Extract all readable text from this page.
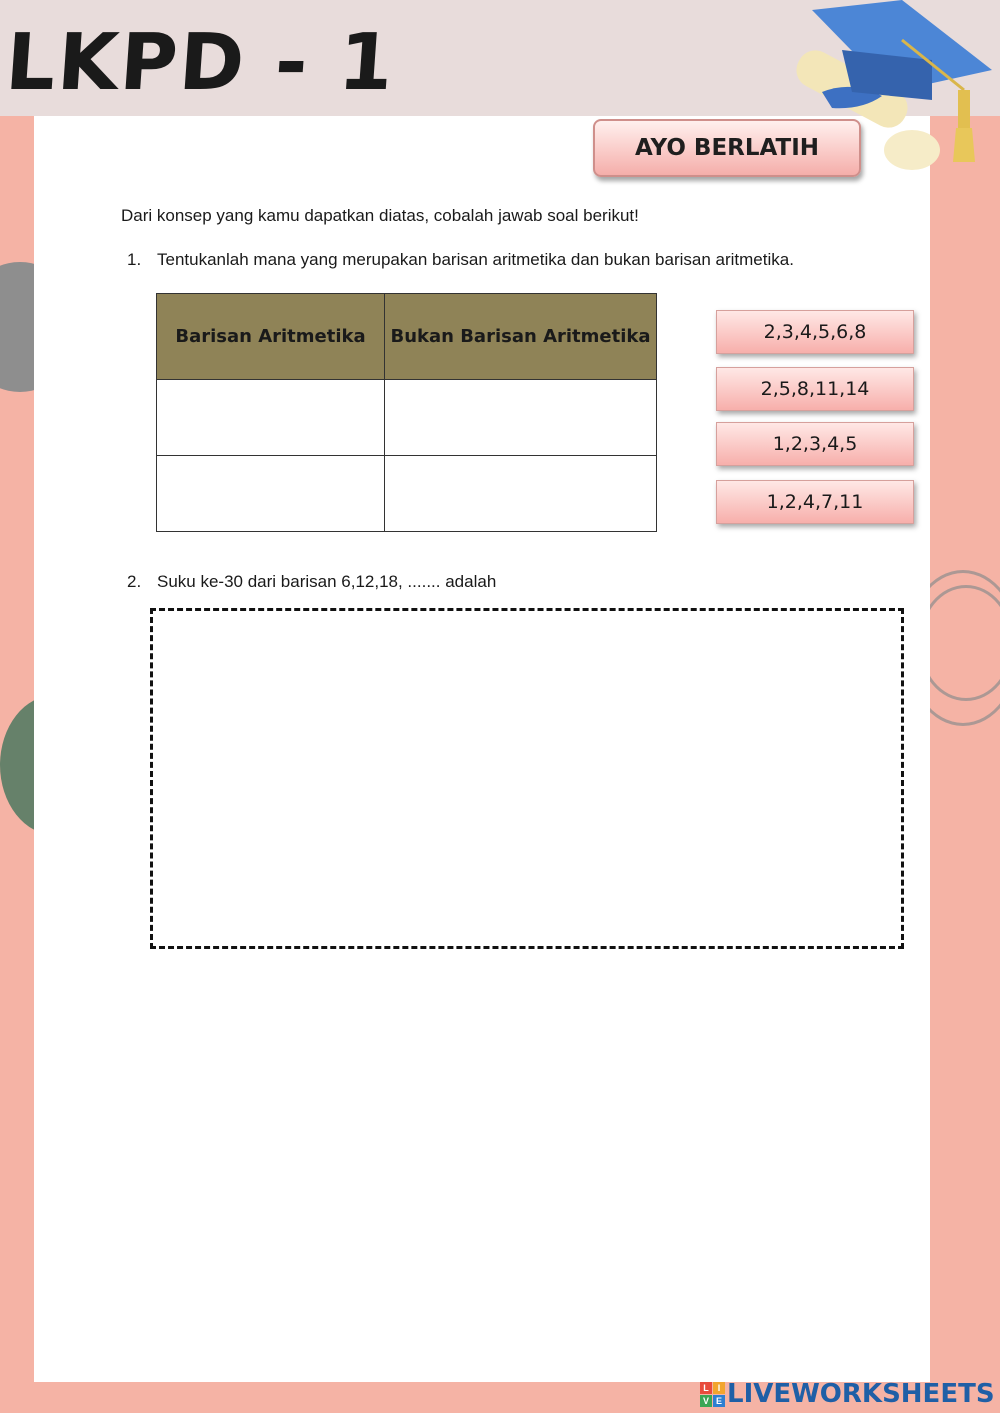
LKPD - 1
AYO BERLATIH
Dari konsep yang kamu dapatkan diatas, cobalah jawab soal berikut!
1. Tentukanlah mana yang merupakan barisan aritmetika dan bukan barisan aritmetika.
Barisan Aritmetika	Bukan Barisan Aritmetika

		2,3,4,5,6,8
2,5,8,11,14
1,2,3,4,5
1,2,4,7,11
2. Suku ke-30 dari barisan 6,12,18, ....... adalah
L I
V E LIVEWORKSHEETS
